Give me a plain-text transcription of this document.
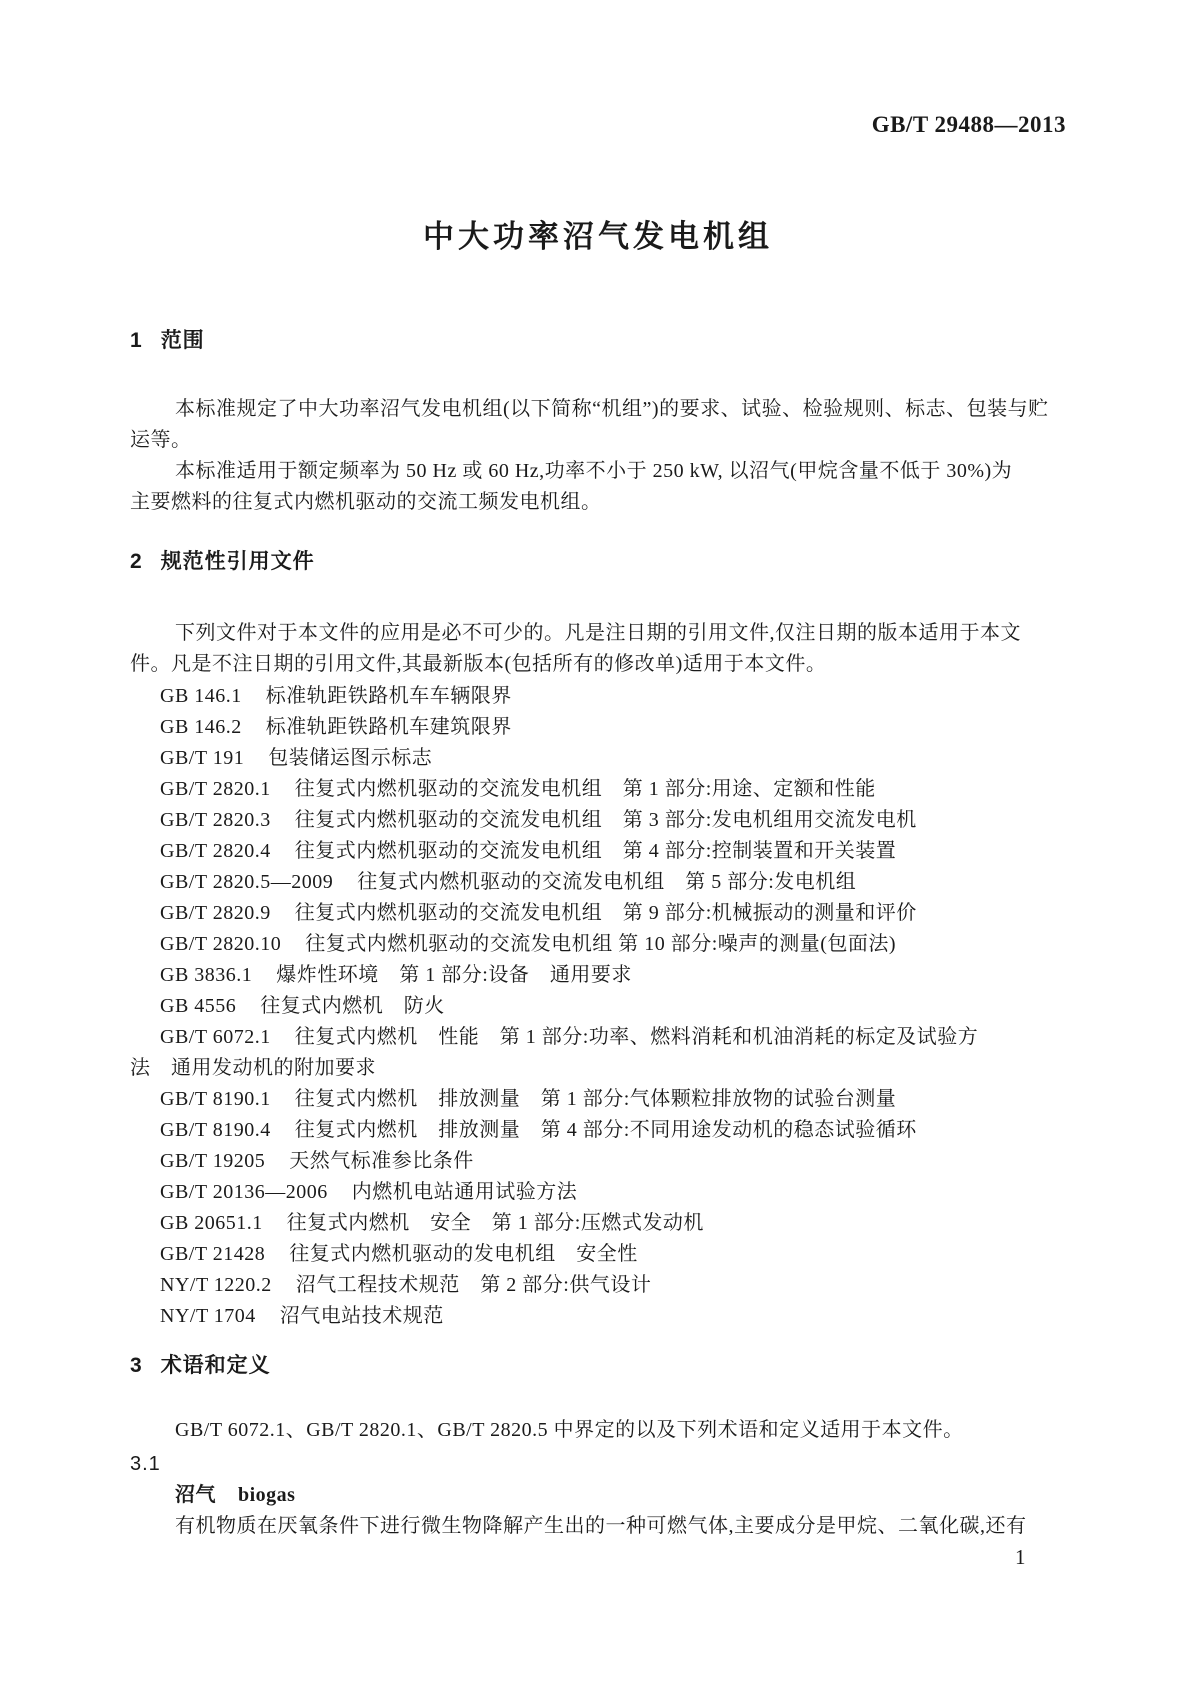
GB/T 29488—2013
中大功率沼气发电机组
1 范围
本标准规定了中大功率沼气发电机组(以下简称“机组”)的要求、试验、检验规则、标志、包装与贮
运等。
本标准适用于额定频率为 50 Hz 或 60 Hz,功率不小于 250 kW, 以沼气(甲烷含量不低于 30%)为
主要燃料的往复式内燃机驱动的交流工频发电机组。
2 规范性引用文件
下列文件对于本文件的应用是必不可少的。凡是注日期的引用文件,仅注日期的版本适用于本文
件。凡是不注日期的引用文件,其最新版本(包括所有的修改单)适用于本文件。
GB 146.1 标准轨距铁路机车车辆限界
GB 146.2 标准轨距铁路机车建筑限界
GB/T 191 包装储运图示标志
GB/T 2820.1 往复式内燃机驱动的交流发电机组　第 1 部分:用途、定额和性能
GB/T 2820.3 往复式内燃机驱动的交流发电机组　第 3 部分:发电机组用交流发电机
GB/T 2820.4 往复式内燃机驱动的交流发电机组　第 4 部分:控制装置和开关装置
GB/T 2820.5—2009 往复式内燃机驱动的交流发电机组　第 5 部分:发电机组
GB/T 2820.9 往复式内燃机驱动的交流发电机组　第 9 部分:机械振动的测量和评价
GB/T 2820.10 往复式内燃机驱动的交流发电机组 第 10 部分:噪声的测量(包面法)
GB 3836.1 爆炸性环境　第 1 部分:设备　通用要求
GB 4556 往复式内燃机　防火
GB/T 6072.1 往复式内燃机　性能　第 1 部分:功率、燃料消耗和机油消耗的标定及试验方
法　通用发动机的附加要求
GB/T 8190.1 往复式内燃机　排放测量　第 1 部分:气体颗粒排放物的试验台测量
GB/T 8190.4 往复式内燃机　排放测量　第 4 部分:不同用途发动机的稳态试验循环
GB/T 19205 天然气标准参比条件
GB/T 20136—2006 内燃机电站通用试验方法
GB 20651.1 往复式内燃机　安全　第 1 部分:压燃式发动机
GB/T 21428 往复式内燃机驱动的发电机组　安全性
NY/T 1220.2 沼气工程技术规范　第 2 部分:供气设计
NY/T 1704 沼气电站技术规范
3 术语和定义
GB/T 6072.1、GB/T 2820.1、GB/T 2820.5 中界定的以及下列术语和定义适用于本文件。
3.1
沼气 biogas
有机物质在厌氧条件下进行微生物降解产生出的一种可燃气体,主要成分是甲烷、二氧化碳,还有
1
